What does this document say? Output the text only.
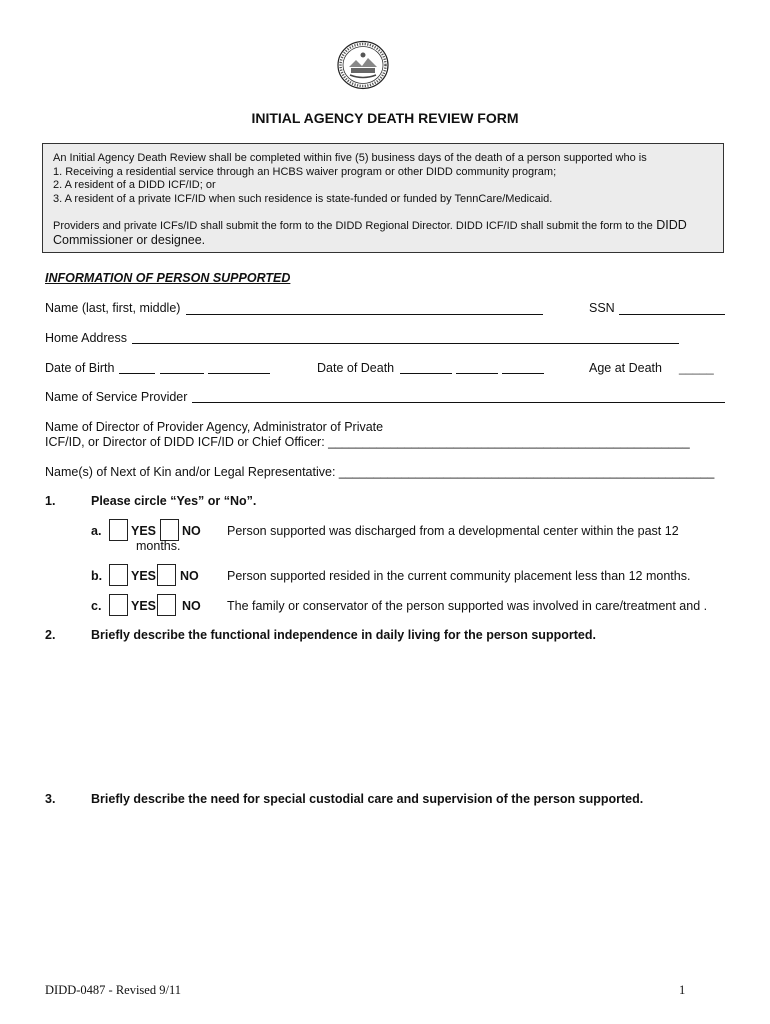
INITIAL AGENCY DEATH REVIEW FORM
An Initial Agency Death Review shall be completed within five (5) business days of the death of a person supported who is
1. Receiving a residential service through an HCBS waiver program or other DIDD community program;
2. A resident of a DIDD ICF/ID; or
3. A resident of a private ICF/ID when such residence is state-funded or funded by TennCare/Medicaid.
Providers and private ICFs/ID shall submit the form to the DIDD Regional Director. DIDD ICF/ID shall submit the form to the DIDD
Commissioner or designee.
INFORMATION OF PERSON SUPPORTED
Name (last, first, middle)	SSN
Home Address
Date of Birth	Date of Death	Age at Death _____
Name of Service Provider
Name of Director of Provider Agency, Administrator of Private
ICF/ID, or Director of DIDD ICF/ID or Chief Officer: ____________________________________________________
Name(s) of Next of Kin and/or Legal Representative: ______________________________________________________
1.	Please circle “Yes” or “No”.
a. YES NO Person supported was discharged from a developmental center within the past 12
months.
b. YES NO Person supported resided in the current community placement less than 12 months.
c. YES NO The family or conservator of the person supported was involved in care/treatment and .
2.	Briefly describe the functional independence in daily living for the person supported.
3.	Briefly describe the need for special custodial care and supervision of the person supported.
DIDD-0487 - Revised 9/11	1
